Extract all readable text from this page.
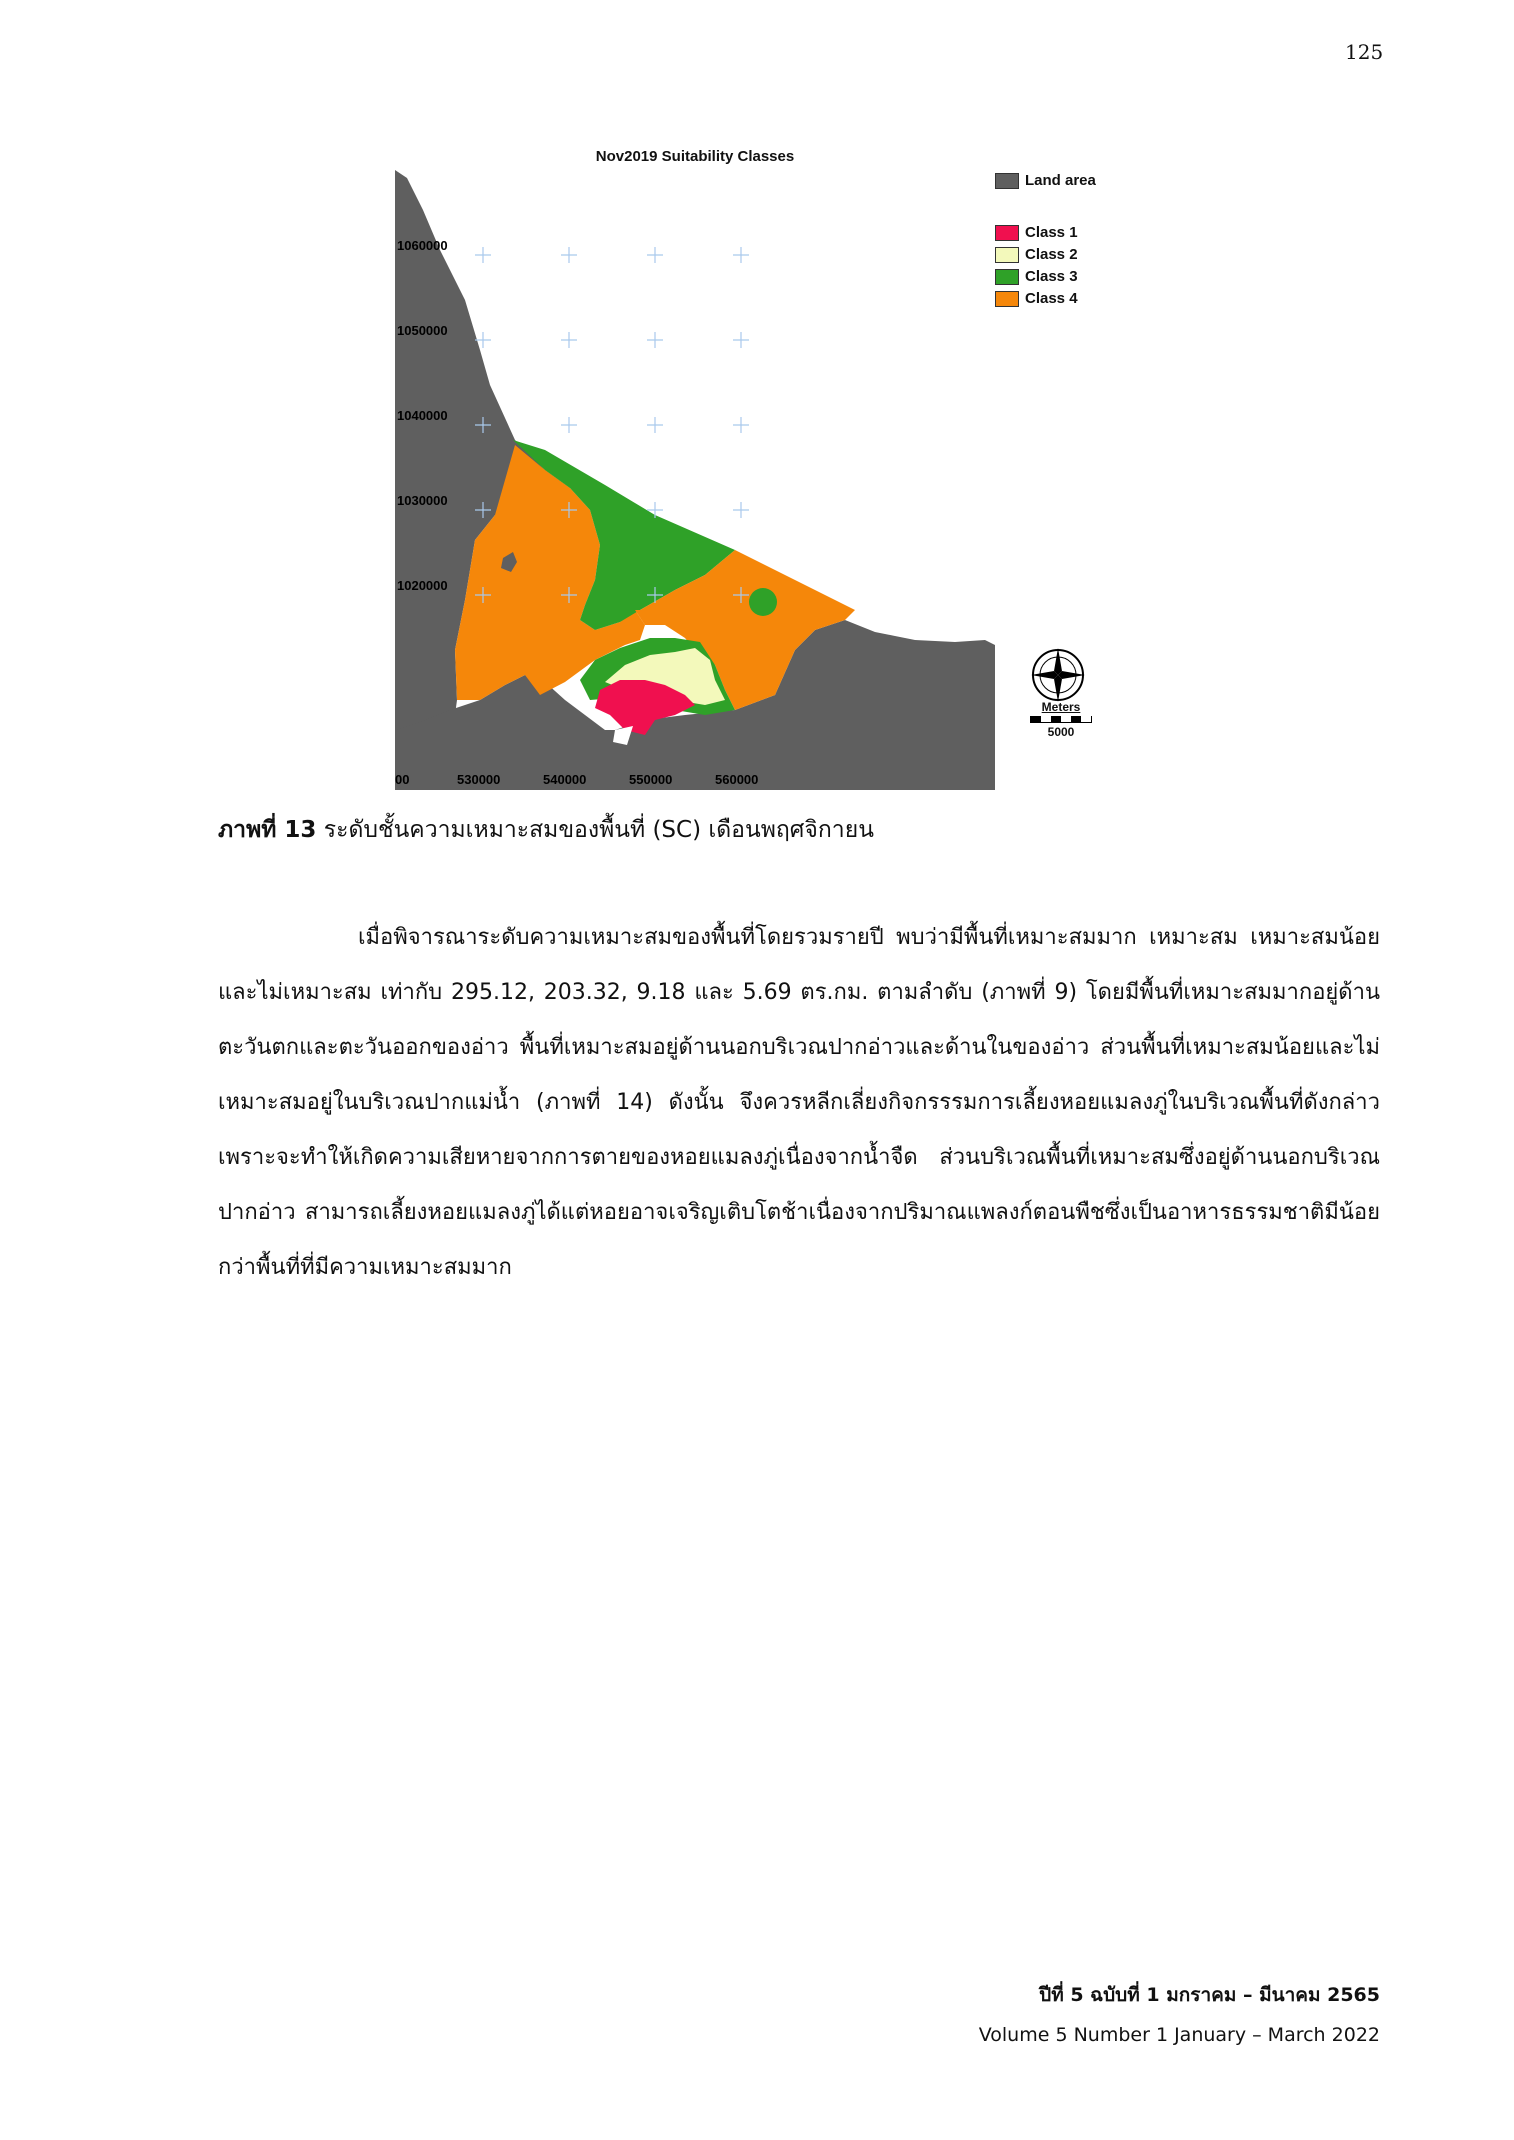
125
Nov2019 Suitability Classes
1060000
1050000
1040000
1030000
1020000
00	530000	540000	550000	560000
Land area
Class 1
Class 2
Class 3
Class 4
Meters
5000
ภาพที่ 13 ระดับชั้นความเหมาะสมของพื้นที่ (SC) เดือนพฤศจิกายน
เมื่อพิจารณาระดับความเหมาะสมของพื้นที่โดยรวมรายปี พบว่ามีพื้นที่เหมาะสมมาก เหมาะสม เหมาะสมน้อย และไม่เหมาะสม เท่ากับ 295.12, 203.32, 9.18 และ 5.69 ตร.กม. ตามลำดับ (ภาพที่ 9) โดยมีพื้นที่เหมาะสมมากอยู่ด้านตะวันตกและตะวันออกของอ่าว พื้นที่เหมาะสมอยู่ด้านนอกบริเวณปากอ่าวและด้านในของอ่าว ส่วนพื้นที่เหมาะสมน้อยและไม่เหมาะสมอยู่ในบริเวณปากแม่น้ำ (ภาพที่ 14) ดังนั้น จึงควรหลีกเลี่ยงกิจกรรรมการเลี้ยงหอยแมลงภู่ในบริเวณพื้นที่ดังกล่าว เพราะจะทำให้เกิดความเสียหายจากการตายของหอยแมลงภู่เนื่องจากน้ำจืด ส่วนบริเวณพื้นที่เหมาะสมซึ่งอยู่ด้านนอกบริเวณปากอ่าว สามารถเลี้ยงหอยแมลงภู่ได้แต่หอยอาจเจริญเติบโตช้าเนื่องจากปริมาณแพลงก์ตอนพืชซึ่งเป็นอาหารธรรมชาติมีน้อยกว่าพื้นที่ที่มีความเหมาะสมมาก
ปีที่ 5 ฉบับที่ 1 มกราคม – มีนาคม 2565
Volume 5 Number 1 January – March 2022
